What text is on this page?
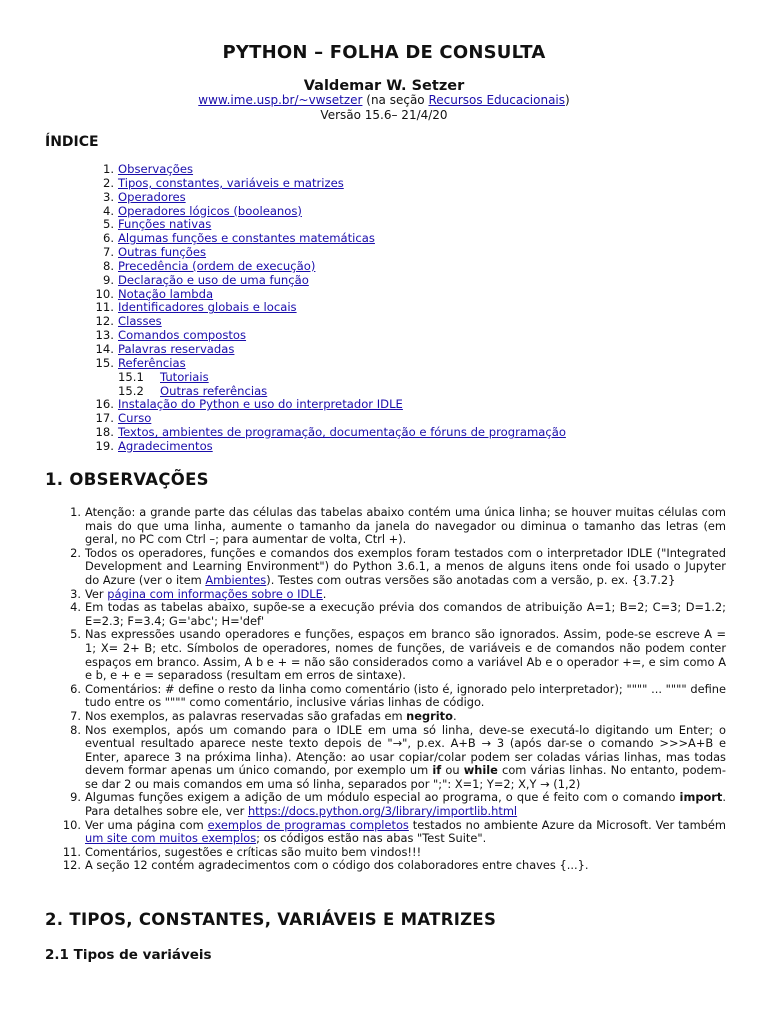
PYTHON – FOLHA DE CONSULTA
Valdemar W. Setzer
www.ime.usp.br/~vwsetzer (na seção Recursos Educacionais)
Versão 15.6– 21/4/20
ÍNDICE
1. Observações
2. Tipos, constantes, variáveis e matrizes
3. Operadores
4. Operadores lógicos (booleanos)
5. Funções nativas
6. Algumas funções e constantes matemáticas
7. Outras funções
8. Precedência (ordem de execução)
9. Declaração e uso de uma função
10. Notação lambda
11. Identificadores globais e locais
12. Classes
13. Comandos compostos
14. Palavras reservadas
15. Referências
15.1 Tutoriais
15.2 Outras referências
16. Instalação do Python e uso do interpretador IDLE
17. Curso
18. Textos, ambientes de programação, documentação e fóruns de programação
19. Agradecimentos
1. OBSERVAÇÕES
1. Atenção: a grande parte das células das tabelas abaixo contém uma única linha; se houver muitas células com mais do que uma linha, aumente o tamanho da janela do navegador ou diminua o tamanho das letras (em geral, no PC com Ctrl –; para aumentar de volta, Ctrl +).
2. Todos os operadores, funções e comandos dos exemplos foram testados com o interpretador IDLE ("Integrated Development and Learning Environment") do Python 3.6.1, a menos de alguns itens onde foi usado o Jupyter do Azure (ver o item Ambientes). Testes com outras versões são anotadas com a versão, p. ex. {3.7.2}
3. Ver página com informações sobre o IDLE.
4. Em todas as tabelas abaixo, supõe-se a execução prévia dos comandos de atribuição A=1; B=2; C=3; D=1.2; E=2.3; F=3.4; G='abc'; H='def'
5. Nas expressões usando operadores e funções, espaços em branco são ignorados. Assim, pode-se escreve A = 1; X= 2+ B; etc. Símbolos de operadores, nomes de funções, de variáveis e de comandos não podem conter espaços em branco. Assim, A b e + = não são considerados como a variável Ab e o operador +=, e sim como A e b, e + e = separadoss (resultam em erros de sintaxe).
6. Comentários: # define o resto da linha como comentário (isto é, ignorado pelo interpretador); """" ... """" define tudo entre os """" como comentário, inclusive várias linhas de código.
7. Nos exemplos, as palavras reservadas são grafadas em negrito.
8. Nos exemplos, após um comando para o IDLE em uma só linha, deve-se executá-lo digitando um Enter; o eventual resultado aparece neste texto depois de "→", p.ex. A+B → 3 (após dar-se o comando >>>A+B e Enter, aparece 3 na próxima linha). Atenção: ao usar copiar/colar podem ser coladas várias linhas, mas todas devem formar apenas um único comando, por exemplo um if ou while com várias linhas. No entanto, podem-se dar 2 ou mais comandos em uma só linha, separados por ";": X=1; Y=2; X,Y → (1,2)
9. Algumas funções exigem a adição de um módulo especial ao programa, o que é feito com o comando import. Para detalhes sobre ele, ver https://docs.python.org/3/library/importlib.html
10. Ver uma página com exemplos de programas completos testados no ambiente Azure da Microsoft. Ver também um site com muitos exemplos; os códigos estão nas abas "Test Suite".
11. Comentários, sugestões e críticas são muito bem vindos!!!
12. A seção 12 contém agradecimentos com o código dos colaboradores entre chaves {...}.
2. TIPOS, CONSTANTES, VARIÁVEIS E MATRIZES
2.1 Tipos de variáveis
